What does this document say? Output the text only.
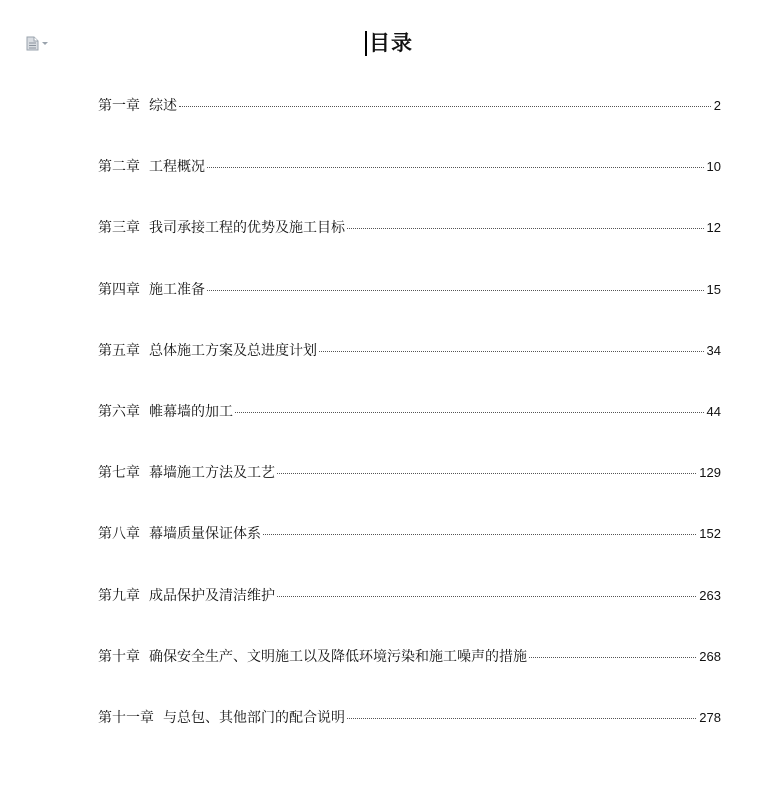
目录
第一章 综述	2
第二章 工程概况	10
第三章 我司承接工程的优势及施工目标	12
第四章 施工准备	15
第五章 总体施工方案及总进度计划	34
第六章 帷幕墙的加工	44
第七章 幕墙施工方法及工艺	129
第八章 幕墙质量保证体系	152
第九章 成品保护及清洁维护	263
第十章 确保安全生产、文明施工以及降低环境污染和施工噪声的措施	268
第十一章 与总包、其他部门的配合说明	278
